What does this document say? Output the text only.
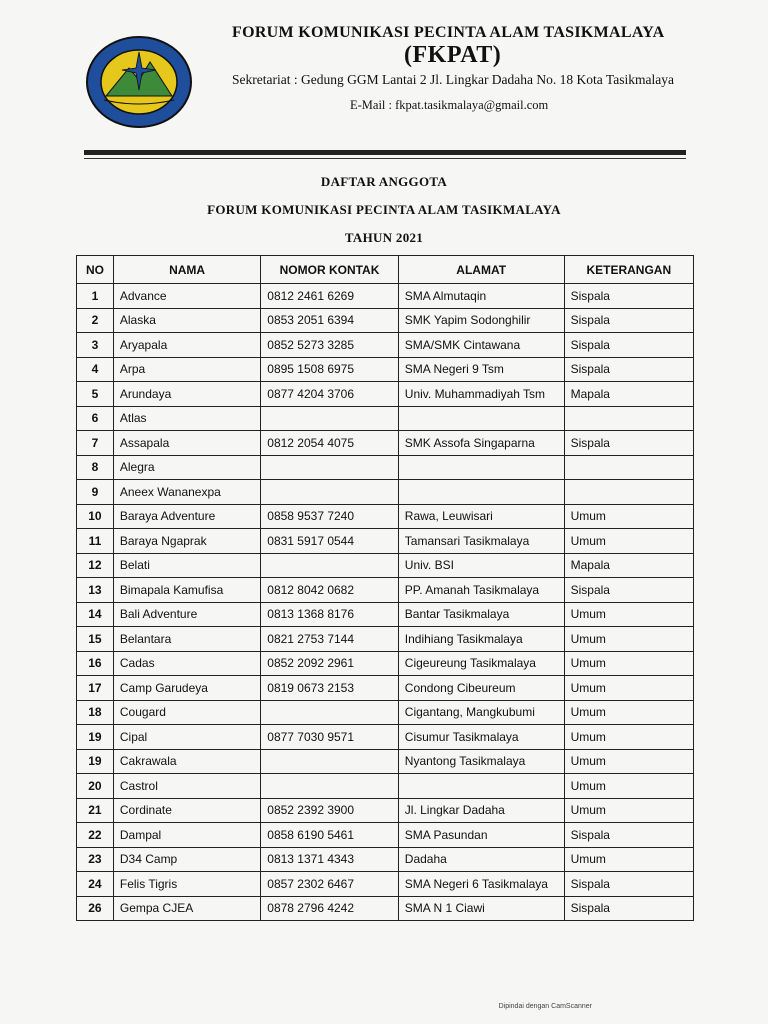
FORUM KOMUNIKASI PECINTA ALAM TASIKMALAYA
(FKPAT)
Sekretariat : Gedung GGM Lantai 2 Jl. Lingkar Dadaha No. 18 Kota Tasikmalaya
E-Mail : fkpat.tasikmalaya@gmail.com
DAFTAR ANGGOTA
FORUM KOMUNIKASI PECINTA ALAM TASIKMALAYA
TAHUN 2021
NO	NAMA	NOMOR KONTAK	ALAMAT	KETERANGAN
1	Advance	0812 2461 6269	SMA Almutaqin	Sispala
2	Alaska	0853 2051 6394	SMK Yapim Sodonghilir	Sispala
3	Aryapala	0852 5273 3285	SMA/SMK Cintawana	Sispala
4	Arpa	0895 1508 6975	SMA Negeri 9 Tsm	Sispala
5	Arundaya	0877 4204 3706	Univ. Muhammadiyah Tsm	Mapala
6	Atlas			
7	Assapala	0812 2054 4075	SMK Assofa Singaparna	Sispala
8	Alegra			
9	Aneex Wananexpa			
10	Baraya Adventure	0858 9537 7240	Rawa, Leuwisari	Umum
11	Baraya Ngaprak	0831 5917 0544	Tamansari Tasikmalaya	Umum
12	Belati		Univ. BSI	Mapala
13	Bimapala Kamufisa	0812 8042 0682	PP. Amanah Tasikmalaya	Sispala
14	Bali Adventure	0813 1368 8176	Bantar Tasikmalaya	Umum
15	Belantara	0821 2753 7144	Indihiang Tasikmalaya	Umum
16	Cadas	0852 2092 2961	Cigeureung Tasikmalaya	Umum
17	Camp Garudeya	0819 0673 2153	Condong Cibeureum	Umum
18	Cougard		Cigantang, Mangkubumi	Umum
19	Cipal	0877 7030 9571	Cisumur Tasikmalaya	Umum
19	Cakrawala		Nyantong Tasikmalaya	Umum
20	Castrol			Umum
21	Cordinate	0852 2392 3900	Jl. Lingkar Dadaha	Umum
22	Dampal	0858 6190 5461	SMA Pasundan	Sispala
23	D34 Camp	0813 1371 4343	Dadaha	Umum
24	Felis Tigris	0857 2302 6467	SMA Negeri 6 Tasikmalaya	Sispala
26	Gempa CJEA	0878 2796 4242	SMA N 1 Ciawi	Sispala
Dipindai dengan CamScanner
